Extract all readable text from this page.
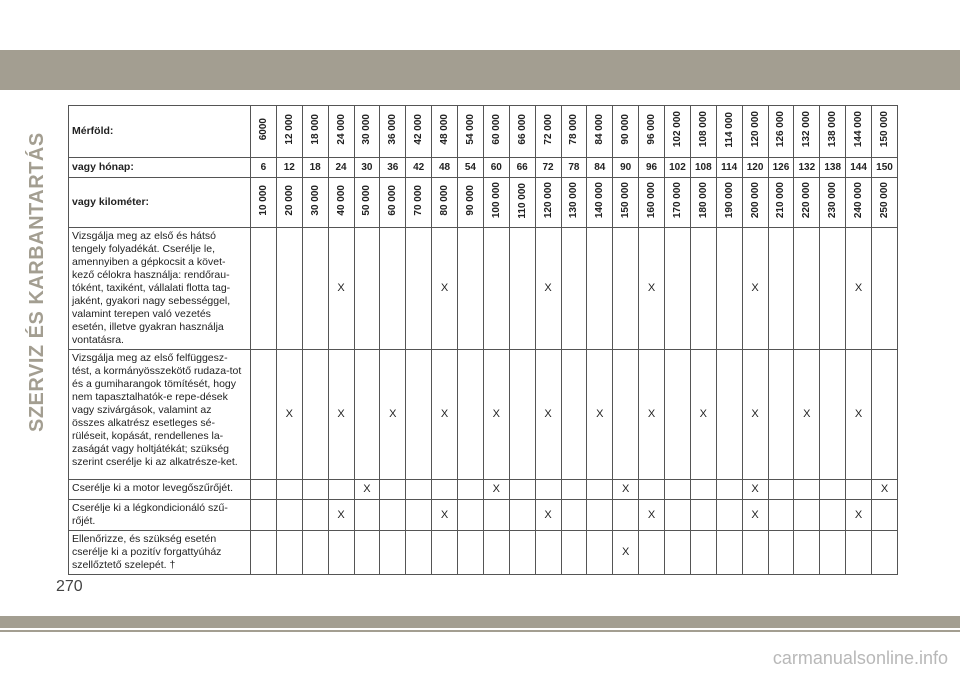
SZERVIZ ÉS KARBANTARTÁS
Mérföld:	6000	12 000	18 000	24 000	30 000	36 000	42 000	48 000	54 000	60 000	66 000	72 000	78 000	84 000	90 000	96 000	102 000	108 000	114 000	120 000	126 000	132 000	138 000	144 000	150 000
vagy hónap:	6	12	18	24	30	36	42	48	54	60	66	72	78	84	90	96	102	108	114	120	126	132	138	144	150
vagy kilométer:	10 000	20 000	30 000	40 000	50 000	60 000	70 000	80 000	90 000	100 000	110 000	120 000	130 000	140 000	150 000	160 000	170 000	180 000	190 000	200 000	210 000	220 000	230 000	240 000	250 000
Vizsgálja meg az első és hátsó tengely folyadékát. Cserélje le, amennyiben a gépkocsit a követ-kező célokra használja: rendőrau-tóként, taxiként, vállalati flotta tag-jaként, gyakori nagy sebességgel, valamint terepen való vezetés esetén, illetve gyakran használja vontatásra.				X				X				X				X				X				X	
Vizsgálja meg az első felfüggesz-tést, a kormányösszekötő rudaza-tot és a gumiharangok tömítését, hogy nem tapasztalhatók-e repe-dések vagy szivárgások, valamint az összes alkatrész esetleges sé-rüléseit, kopását, rendellenes la-zaságát vagy holtjátékát; szükség szerint cserélje ki az alkatrésze-ket.		X		X		X		X		X		X		X		X		X		X		X		X	
Cserélje ki a motor levegőszűrőjét.					X					X					X					X					X
Cserélje ki a légkondicionáló szű-rőjét.				X				X				X				X				X				X	
Ellenőrizze, és szükség esetén cserélje ki a pozitív forgattyúház szellőztető szelepét. †															X										
270
carmanualsonline.info
